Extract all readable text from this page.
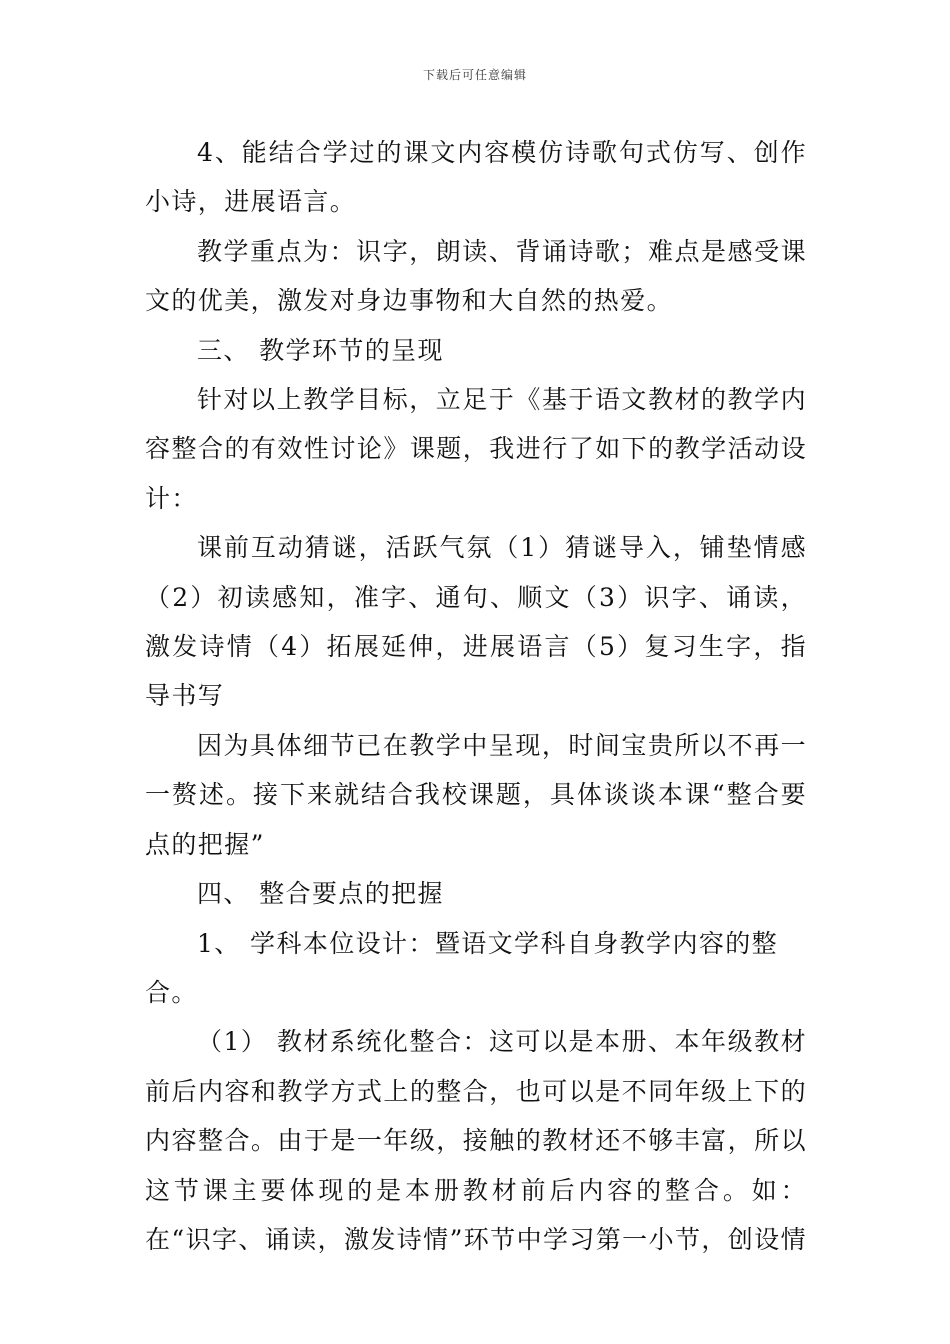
下载后可任意编辑

4、能结合学过的课文内容模仿诗歌句式仿写、创作小诗，进展语言。

教学重点为：识字，朗读、背诵诗歌；难点是感受课文的优美，激发对身边事物和大自然的热爱。

三、 教学环节的呈现

针对以上教学目标，立足于《基于语文教材的教学内容整合的有效性讨论》课题，我进行了如下的教学活动设计：

课前互动猜谜，活跃气氛（1）猜谜导入，铺垫情感（2）初读感知，准字、通句、顺文（3）识字、诵读，激发诗情（4）拓展延伸，进展语言（5）复习生字，指导书写

因为具体细节已在教学中呈现，时间宝贵所以不再一一赘述。接下来就结合我校课题，具体谈谈本课“整合要点的把握”

四、 整合要点的把握

1、 学科本位设计：暨语文学科自身教学内容的整合。

（1） 教材系统化整合：这可以是本册、本年级教材前后内容和教学方式上的整合，也可以是不同年级上下的内容整合。由于是一年级，接触的教材还不够丰富，所以这节课主要体现的是本册教材前后内容的整合。如：在“识字、诵读，激发诗情”环节中学习第一小节，创设情
